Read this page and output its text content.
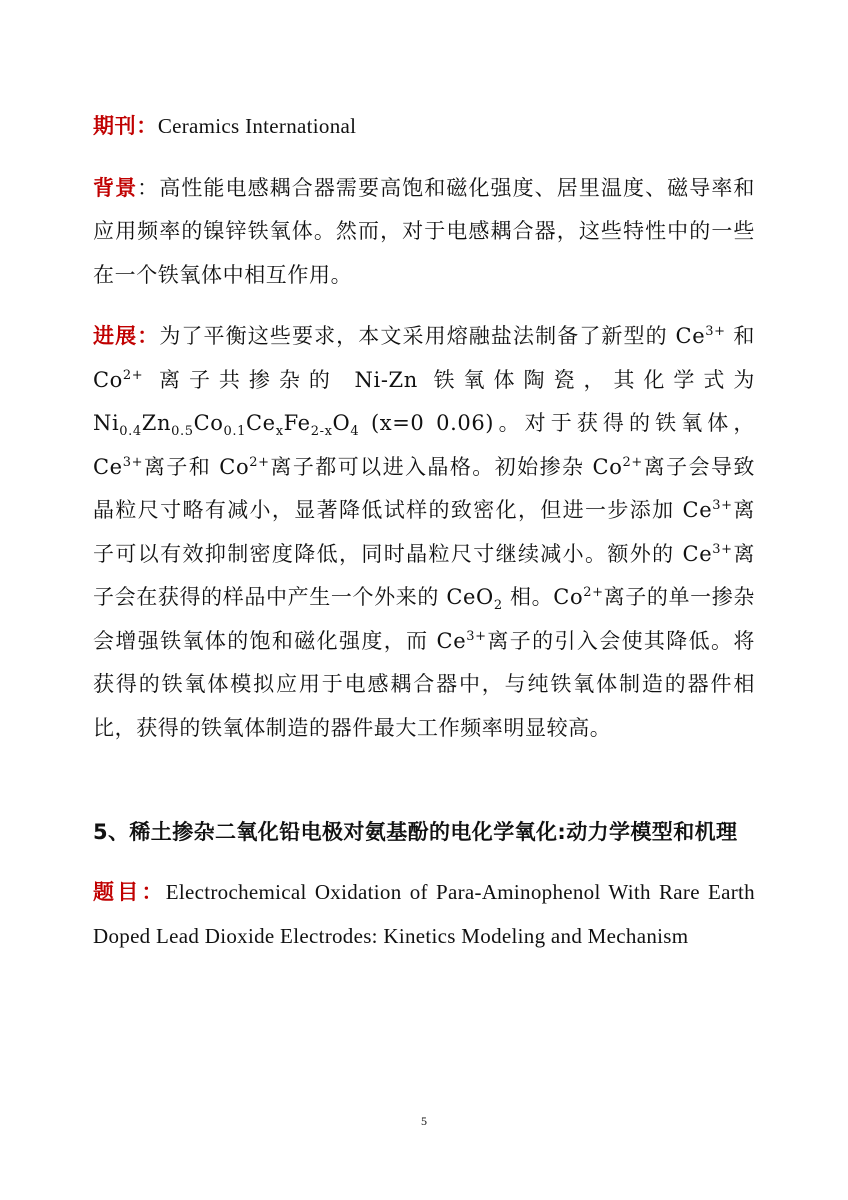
期刊：Ceramics International

背景：高性能电感耦合器需要高饱和磁化强度、居里温度、磁导率和应用频率的镍锌铁氧体。然而，对于电感耦合器，这些特性中的一些在一个铁氧体中相互作用。

进展：为了平衡这些要求，本文采用熔融盐法制备了新型的 $Ce^{3+}$ 和 $Co^{2+}$ 离子共掺杂的 Ni-Zn 铁氧体陶瓷，其化学式为 $Ni_{0.4}Zn_{0.5}Co_{0.1}Ce_xFe_{2-x}O_4$ (x=0 0.06)。对于获得的铁氧体，$Ce^{3+}$离子和 $Co^{2+}$离子都可以进入晶格。初始掺杂 $Co^{2+}$离子会导致晶粒尺寸略有减小，显著降低试样的致密化，但进一步添加 $Ce^{3+}$离子可以有效抑制密度降低，同时晶粒尺寸继续减小。额外的 $Ce^{3+}$离子会在获得的样品中产生一个外来的 CeO$_2$ 相。$Co^{2+}$离子的单一掺杂会增强铁氧体的饱和磁化强度，而 $Ce^{3+}$离子的引入会使其降低。将获得的铁氧体模拟应用于电感耦合器中，与纯铁氧体制造的器件相比，获得的铁氧体制造的器件最大工作频率明显较高。

5、稀土掺杂二氧化铅电极对氨基酚的电化学氧化:动力学模型和机理

题目：Electrochemical Oxidation of Para-Aminophenol With Rare Earth Doped Lead Dioxide Electrodes: Kinetics Modeling and Mechanism

5
